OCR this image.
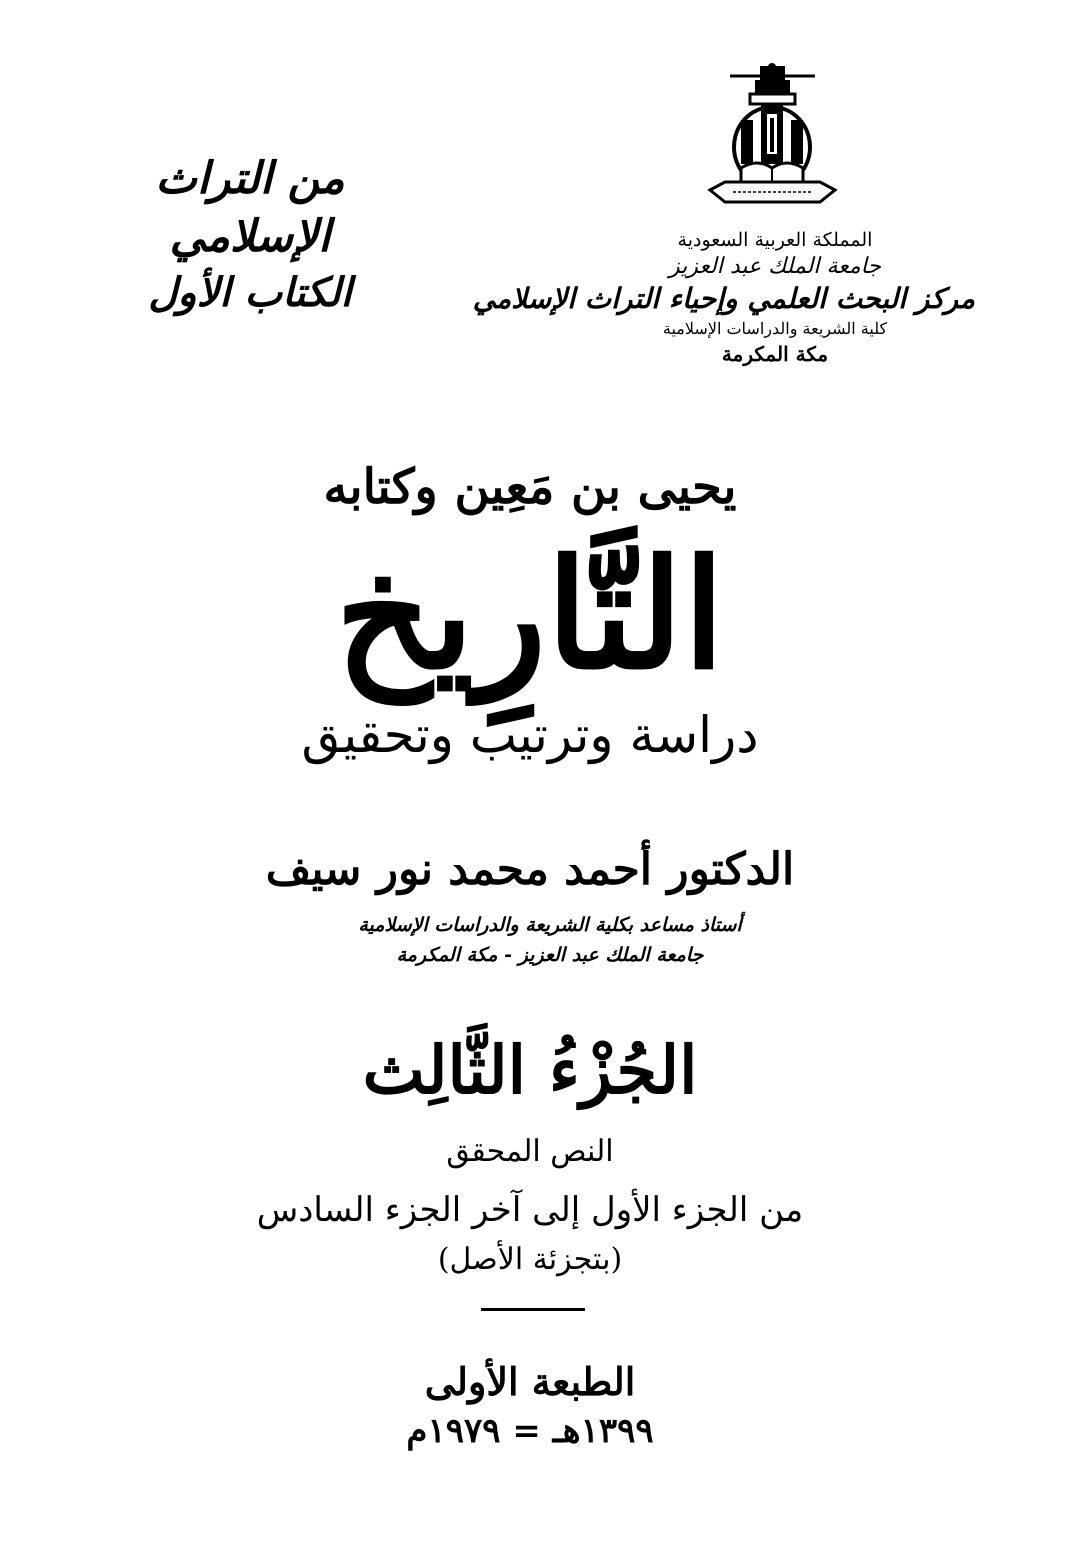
من التراث الإسلامي
الكتاب الأول
المملكة العربية السعودية
جامعة الملك عبد العزيز
مركز البحث العلمي وإحياء التراث الإسلامي
كلية الشريعة والدراسات الإسلامية
مكة المكرمة
يحيى بن مَعِين وكتابه
التَّارِيخ
دراسة وترتيب وتحقيق
الدكتور أحمد محمد نور سيف
أستاذ مساعد بكلية الشريعة والدراسات الإسلامية
جامعة الملك عبد العزيز - مكة المكرمة
الجُزْءُ الثَّالِث
النص المحقق
من الجزء الأول إلى آخر الجزء السادس
(بتجزئة الأصل)
الطبعة الأولى
١٣٩٩هـ = ١٩٧٩م
